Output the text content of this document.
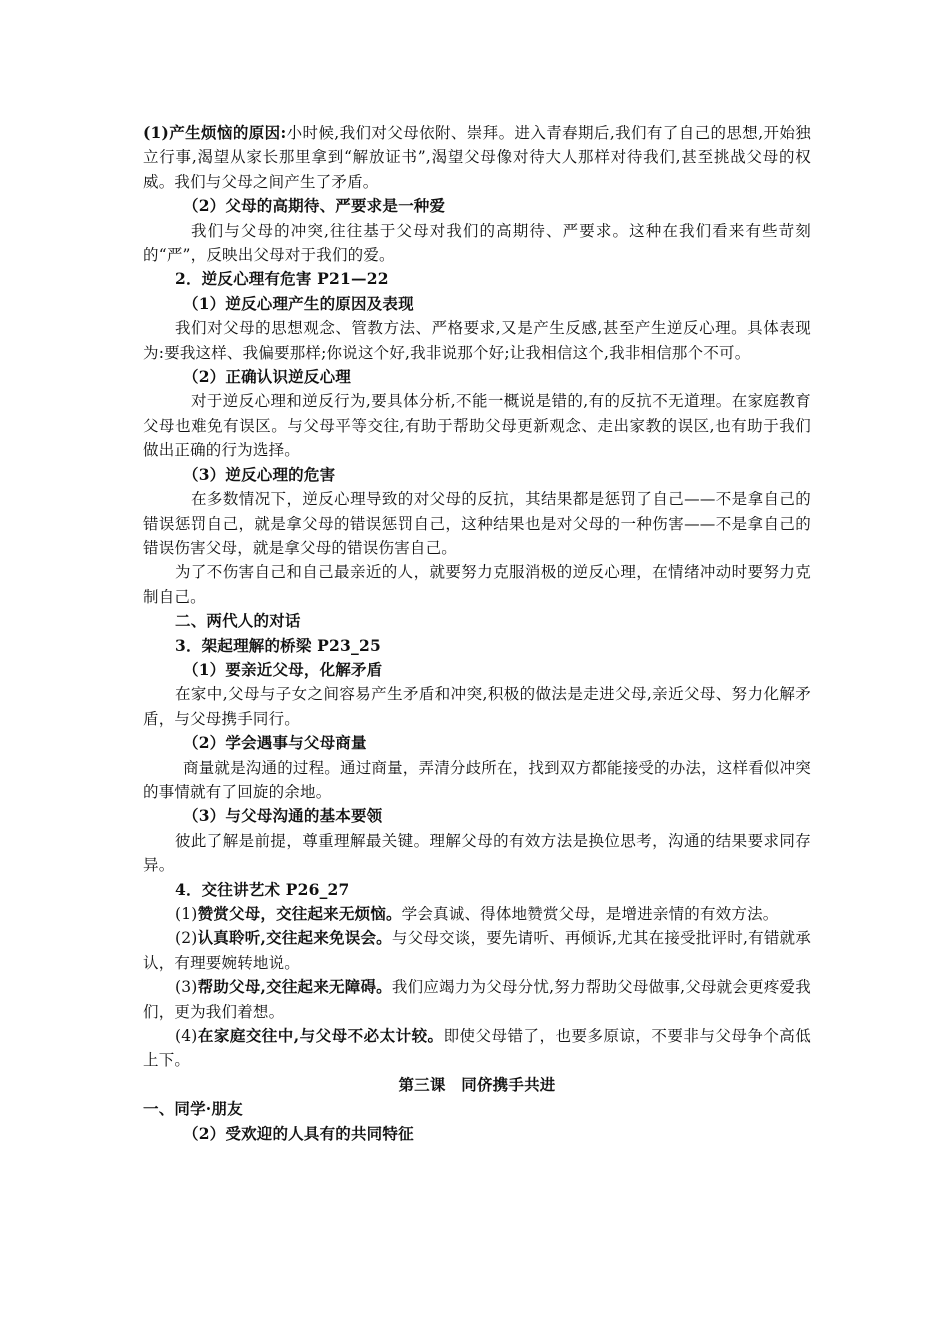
(1)产生烦恼的原因:小时候,我们对父母依附、崇拜。进入青春期后,我们有了自己的思想,开始独立行事,渴望从家长那里拿到“解放证书”,渴望父母像对待大人那样对待我们,甚至挑战父母的权威。我们与父母之间产生了矛盾。

（2）父母的高期待、严要求是一种爱

我们与父母的冲突,往往基于父母对我们的高期待、严要求。这种在我们看来有些苛刻的“严”，反映出父母对于我们的爱。

2．逆反心理有危害 P21—22

（1）逆反心理产生的原因及表现

我们对父母的思想观念、管教方法、严格要求,又是产生反感,甚至产生逆反心理。具体表现为:要我这样、我偏要那样;你说这个好,我非说那个好;让我相信这个,我非相信那个不可。

（2）正确认识逆反心理

对于逆反心理和逆反行为,要具体分析,不能一概说是错的,有的反抗不无道理。在家庭教育父母也难免有误区。与父母平等交往,有助于帮助父母更新观念、走出家教的误区,也有助于我们做出正确的行为选择。

（3）逆反心理的危害

在多数情况下，逆反心理导致的对父母的反抗，其结果都是惩罚了自己——不是拿自己的错误惩罚自己，就是拿父母的错误惩罚自己，这种结果也是对父母的一种伤害——不是拿自己的错误伤害父母，就是拿父母的错误伤害自己。

为了不伤害自己和自己最亲近的人，就要努力克服消极的逆反心理，在情绪冲动时要努力克制自己。

二、两代人的对话

3．架起理解的桥梁 P23_25

（1）要亲近父母，化解矛盾

在家中,父母与子女之间容易产生矛盾和冲突,积极的做法是走进父母,亲近父母、努力化解矛盾，与父母携手同行。

（2）学会遇事与父母商量

商量就是沟通的过程。通过商量，弄清分歧所在，找到双方都能接受的办法，这样看似冲突的事情就有了回旋的余地。

（3）与父母沟通的基本要领

彼此了解是前提，尊重理解最关键。理解父母的有效方法是换位思考，沟通的结果要求同存异。

4．交往讲艺术 P26_27

(1)赞赏父母，交往起来无烦恼。学会真诚、得体地赞赏父母，是增进亲情的有效方法。

(2)认真聆听,交往起来免误会。与父母交谈，要先请听、再倾诉,尤其在接受批评时,有错就承认，有理要婉转地说。

(3)帮助父母,交往起来无障碍。我们应竭力为父母分忧,努力帮助父母做事,父母就会更疼爱我们，更为我们着想。

(4)在家庭交往中,与父母不必太计较。即使父母错了，也要多原谅，不要非与父母争个高低上下。

第三课　同侪携手共进

一、同学·朋友

（2）受欢迎的人具有的共同特征
